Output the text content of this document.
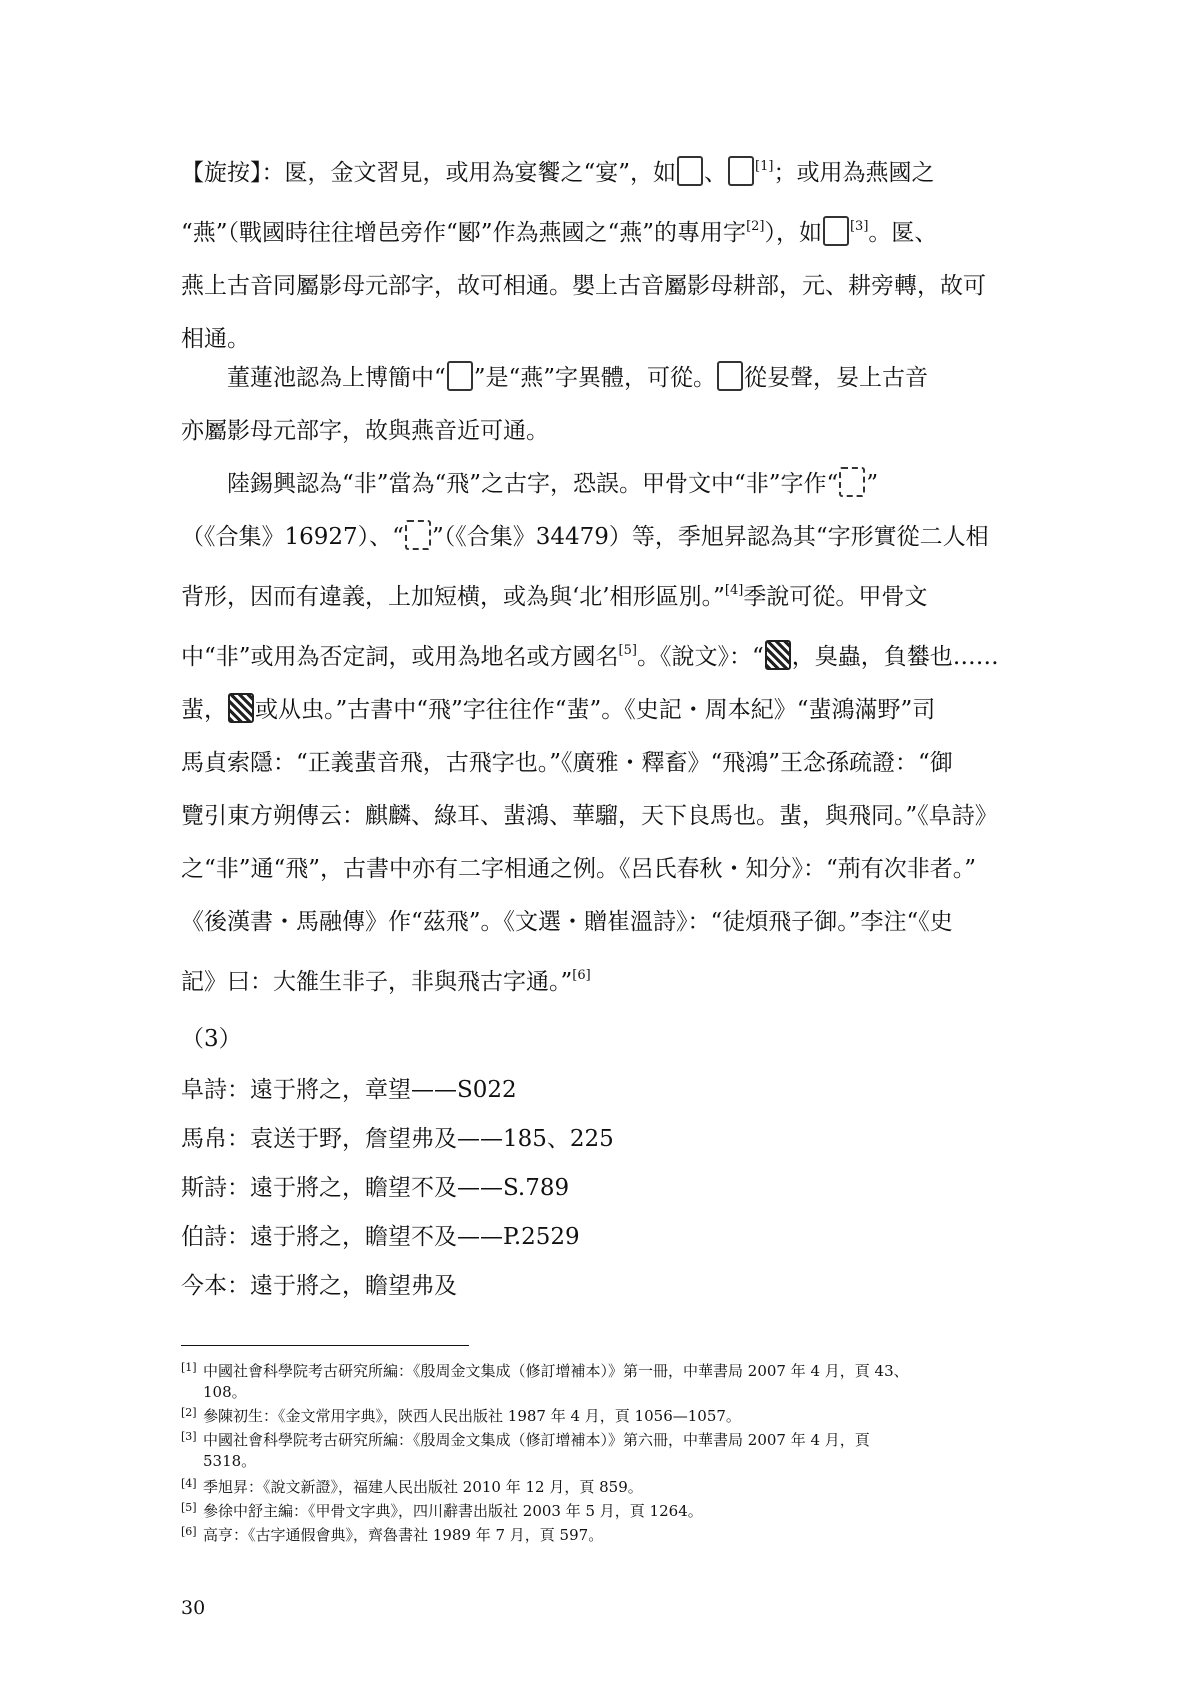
【旋按】：匽，金文習見，或用為宴饗之“宴”，如 、 [1]；或用為燕國之
“燕”（戰國時往往增邑旁作“郾”作為燕國之“燕”的專用字[2]），如 [3]。匽、
燕上古音同屬影母元部字，故可相通。嬰上古音屬影母耕部，元、耕旁轉，故可
相通。

董蓮池認為上博簡中“ ”是“燕”字異體，可從。 從妟聲，妟上古音

亦屬影母元部字，故與燕音近可通。

陸錫興認為“非”當為“飛”之古字，恐誤。甲骨文中“非”字作“ ”

（《合集》16927）、“ ”（《合集》34479）等，季旭昇認為其“字形實從二人相
背形，因而有違義，上加短横，或為與‘北’相形區別。”[4]季說可從。甲骨文
中“非”或用為否定詞，或用為地名或方國名[5]。《說文》：“ ，臭蟲，負蠜也……
蜚， 或从虫。”古書中“飛”字往往作“蜚”。《史記・周本紀》“蜚鴻滿野”司
馬貞索隱：“正義蜚音飛，古飛字也。”《廣雅・釋畜》“飛鴻”王念孫疏證：“御
覽引東方朔傳云：麒麟、綠耳、蜚鴻、華騮，天下良馬也。蜚，與飛同。”《阜詩》
之“非”通“飛”，古書中亦有二字相通之例。《呂氏春秋・知分》：“荊有次非者。”
《後漢書・馬融傳》作“茲飛”。《文選・贈崔溫詩》：“徒煩飛子御。”李注“《史
記》曰：大雒生非子，非與飛古字通。”[6]

（3）
阜詩：遠于將之，章望——S022
馬帛：袁送于野，詹望弗及——185、225
斯詩：遠于將之，瞻望不及——S.789
伯詩：遠于將之，瞻望不及——P.2529
今本：遠于將之，瞻望弗及
[1] 中國社會科學院考古研究所編：《殷周金文集成（修訂增補本）》第一冊，中華書局 2007 年 4 月，頁 43、
108。
[2] 參陳初生：《金文常用字典》，陝西人民出版社 1987 年 4 月，頁 1056—1057。
[3] 中國社會科學院考古研究所編：《殷周金文集成（修訂增補本）》第六冊，中華書局 2007 年 4 月，頁
5318。
[4] 季旭昇：《說文新證》，福建人民出版社 2010 年 12 月，頁 859。
[5] 參徐中舒主編：《甲骨文字典》，四川辭書出版社 2003 年 5 月，頁 1264。
[6] 高亨：《古字通假會典》，齊魯書社 1989 年 7 月，頁 597。
30
